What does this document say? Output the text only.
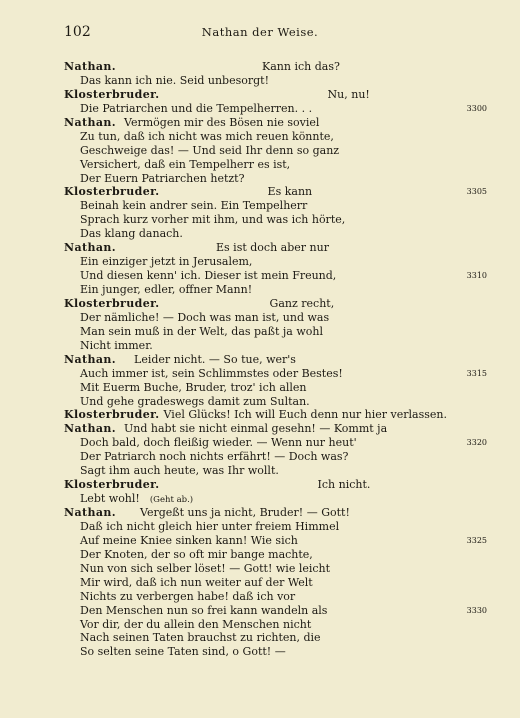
102	Nathan der Weise.
Nathan.	Kann ich das?
Das kann ich nie. Seid unbesorgt!
Klosterbruder.	Nu, nu!
Die Patriarchen und die Tempelherren. . .	3300
Nathan. Vermögen mir des Bösen nie soviel
Zu tun, daß ich nicht was mich reuen könnte,
Geschweige das! — Und seid Ihr denn so ganz
Versichert, daß ein Tempelherr es ist,
Der Euern Patriarchen hetzt?
Klosterbruder.	Es kann	3305
Beinah kein andrer sein. Ein Tempelherr
Sprach kurz vorher mit ihm, und was ich hörte,
Das klang danach.
Nathan.	Es ist doch aber nur
Ein einziger jetzt in Jerusalem,
Und diesen kenn' ich. Dieser ist mein Freund,	3310
Ein junger, edler, offner Mann!
Klosterbruder.	Ganz recht,
Der nämliche! — Doch was man ist, und was
Man sein muß in der Welt, das paßt ja wohl
Nicht immer.
Nathan. Leider nicht. — So tue, wer's
Auch immer ist, sein Schlimmstes oder Bestes!	3315
Mit Euerm Buche, Bruder, troz' ich allen
Und gehe gradeswegs damit zum Sultan.
Klosterbruder. Viel Glücks! Ich will Euch denn nur hier verlassen.
Nathan. Und habt sie nicht einmal gesehn! — Kommt ja
Doch bald, doch fleißig wieder. — Wenn nur heut'	3320
Der Patriarch noch nichts erfährt! — Doch was?
Sagt ihm auch heute, was Ihr wollt.
Klosterbruder.	Ich nicht.
Lebt wohl! (Geht ab.)
Nathan. Vergeßt uns ja nicht, Bruder! — Gott!
Daß ich nicht gleich hier unter freiem Himmel
Auf meine Kniee sinken kann! Wie sich	3325
Der Knoten, der so oft mir bange machte,
Nun von sich selber löset! — Gott! wie leicht
Mir wird, daß ich nun weiter auf der Welt
Nichts zu verbergen habe! daß ich vor
Den Menschen nun so frei kann wandeln als	3330
Vor dir, der du allein den Menschen nicht
Nach seinen Taten brauchst zu richten, die
So selten seine Taten sind, o Gott! —
